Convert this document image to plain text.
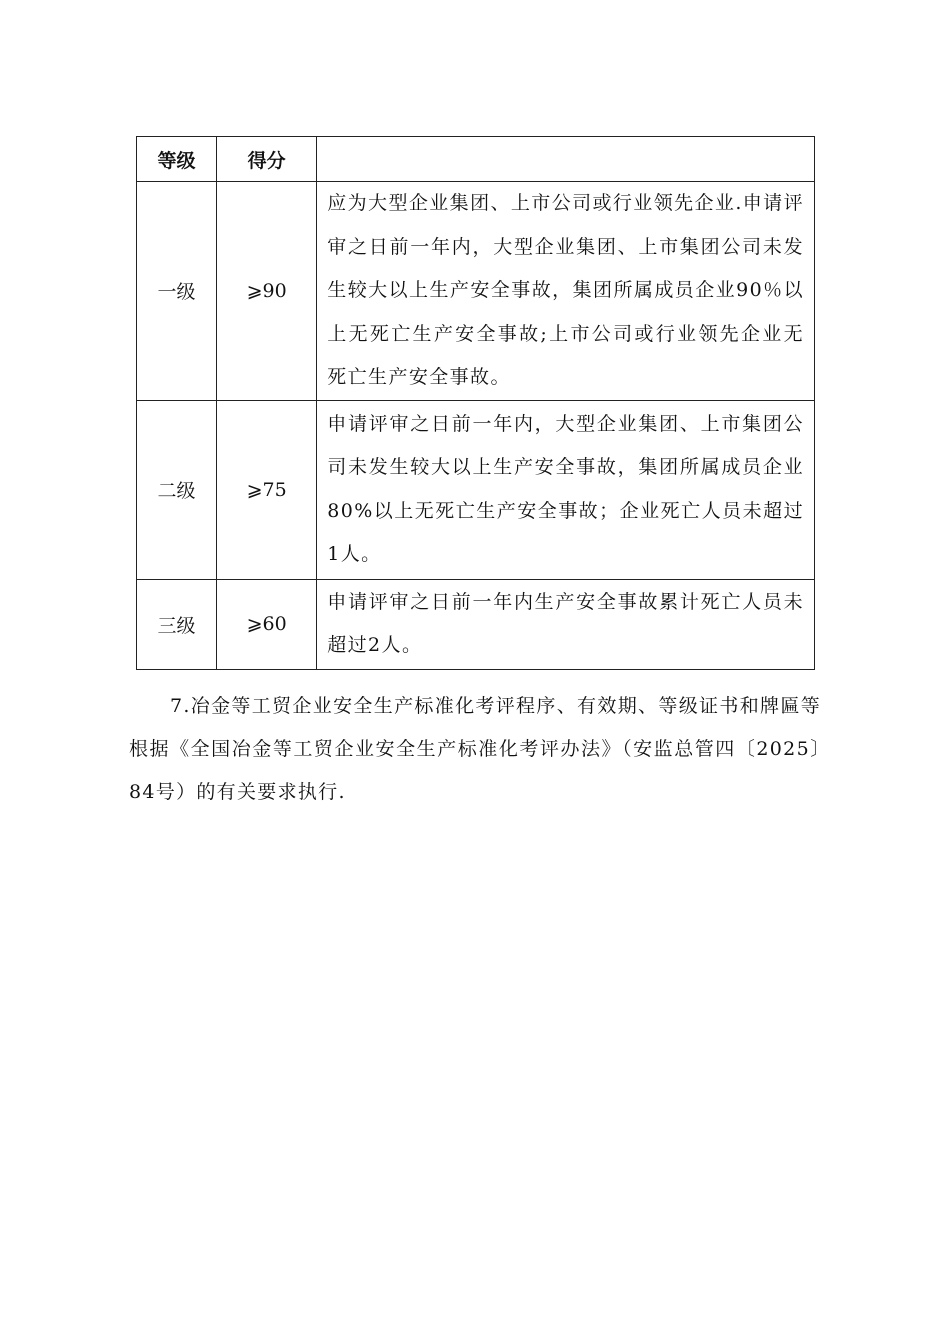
等级	得分	
一级	⩾90	应为大型企业集团、上市公司或行业领先企业.申请评审之日前一年内，大型企业集团、上市集团公司未发生较大以上生产安全事故，集团所属成员企业90％以上无死亡生产安全事故;上市公司或行业领先企业无死亡生产安全事故。
二级	⩾75	申请评审之日前一年内，大型企业集团、上市集团公司未发生较大以上生产安全事故，集团所属成员企业80%以上无死亡生产安全事故；企业死亡人员未超过1人。
三级	⩾60	申请评审之日前一年内生产安全事故累计死亡人员未超过2人。

7.冶金等工贸企业安全生产标准化考评程序、有效期、等级证书和牌匾等根据《全国冶金等工贸企业安全生产标准化考评办法》（安监总管四〔2025〕84号）的有关要求执行.
